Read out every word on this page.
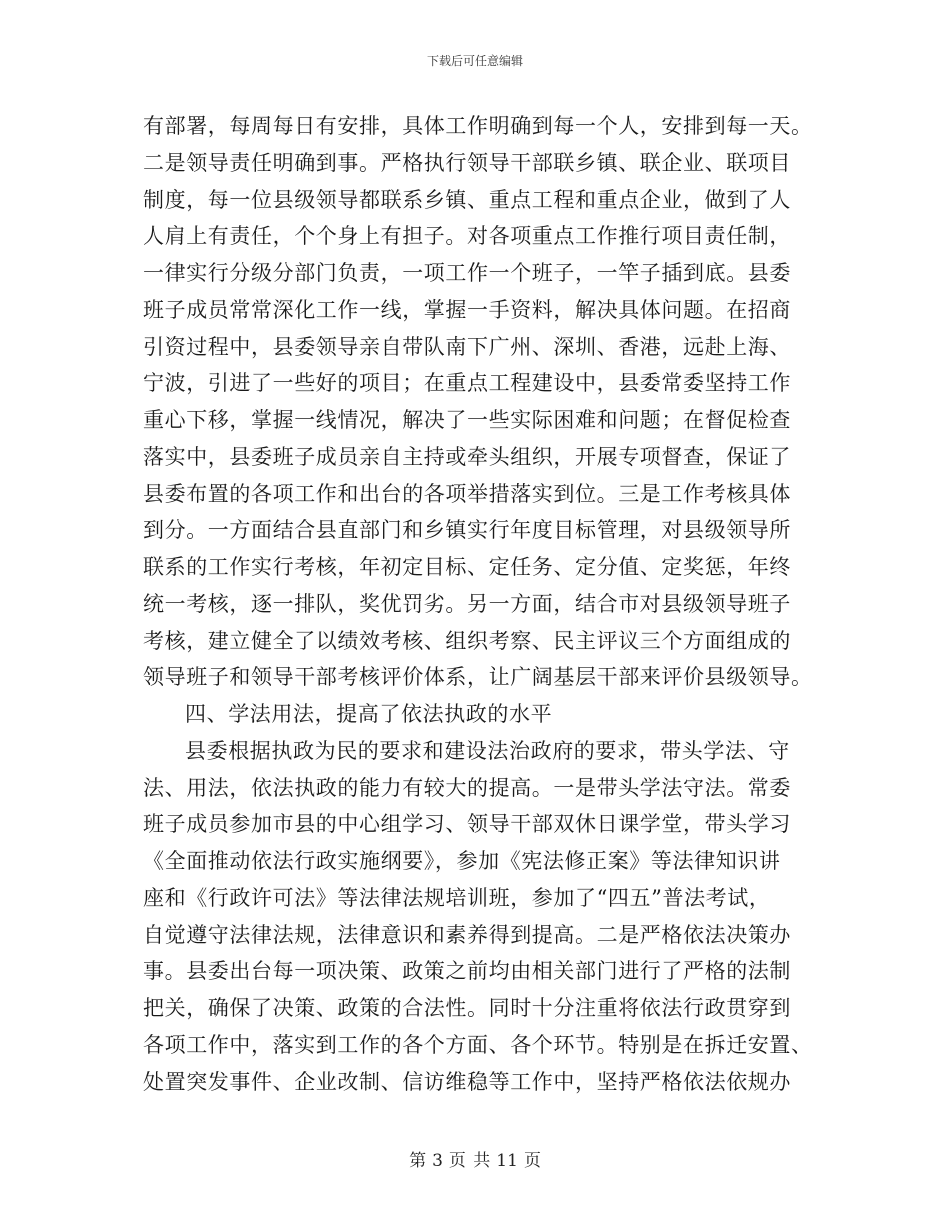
下载后可任意编辑
有部署，每周每日有安排，具体工作明确到每一个人，安排到每一天。
二是领导责任明确到事。严格执行领导干部联乡镇、联企业、联项目
制度，每一位县级领导都联系乡镇、重点工程和重点企业，做到了人
人肩上有责任，个个身上有担子。对各项重点工作推行项目责任制，
一律实行分级分部门负责，一项工作一个班子，一竿子插到底。县委
班子成员常常深化工作一线，掌握一手资料，解决具体问题。在招商
引资过程中，县委领导亲自带队南下广州、深圳、香港，远赴上海、
宁波，引进了一些好的项目；在重点工程建设中，县委常委坚持工作
重心下移，掌握一线情况，解决了一些实际困难和问题；在督促检查
落实中，县委班子成员亲自主持或牵头组织，开展专项督查，保证了
县委布置的各项工作和出台的各项举措落实到位。三是工作考核具体
到分。一方面结合县直部门和乡镇实行年度目标管理，对县级领导所
联系的工作实行考核，年初定目标、定任务、定分值、定奖惩，年终
统一考核，逐一排队，奖优罚劣。另一方面，结合市对县级领导班子
考核，建立健全了以绩效考核、组织考察、民主评议三个方面组成的
领导班子和领导干部考核评价体系，让广阔基层干部来评价县级领导。
四、学法用法，提高了依法执政的水平
县委根据执政为民的要求和建设法治政府的要求，带头学法、守
法、用法，依法执政的能力有较大的提高。一是带头学法守法。常委
班子成员参加市县的中心组学习、领导干部双休日课学堂，带头学习
《全面推动依法行政实施纲要》，参加《宪法修正案》等法律知识讲
座和《行政许可法》等法律法规培训班，参加了“四五”普法考试，
自觉遵守法律法规，法律意识和素养得到提高。二是严格依法决策办
事。县委出台每一项决策、政策之前均由相关部门进行了严格的法制
把关，确保了决策、政策的合法性。同时十分注重将依法行政贯穿到
各项工作中，落实到工作的各个方面、各个环节。特别是在拆迁安置、
处置突发事件、企业改制、信访维稳等工作中，坚持严格依法依规办
第 3 页 共 11 页
